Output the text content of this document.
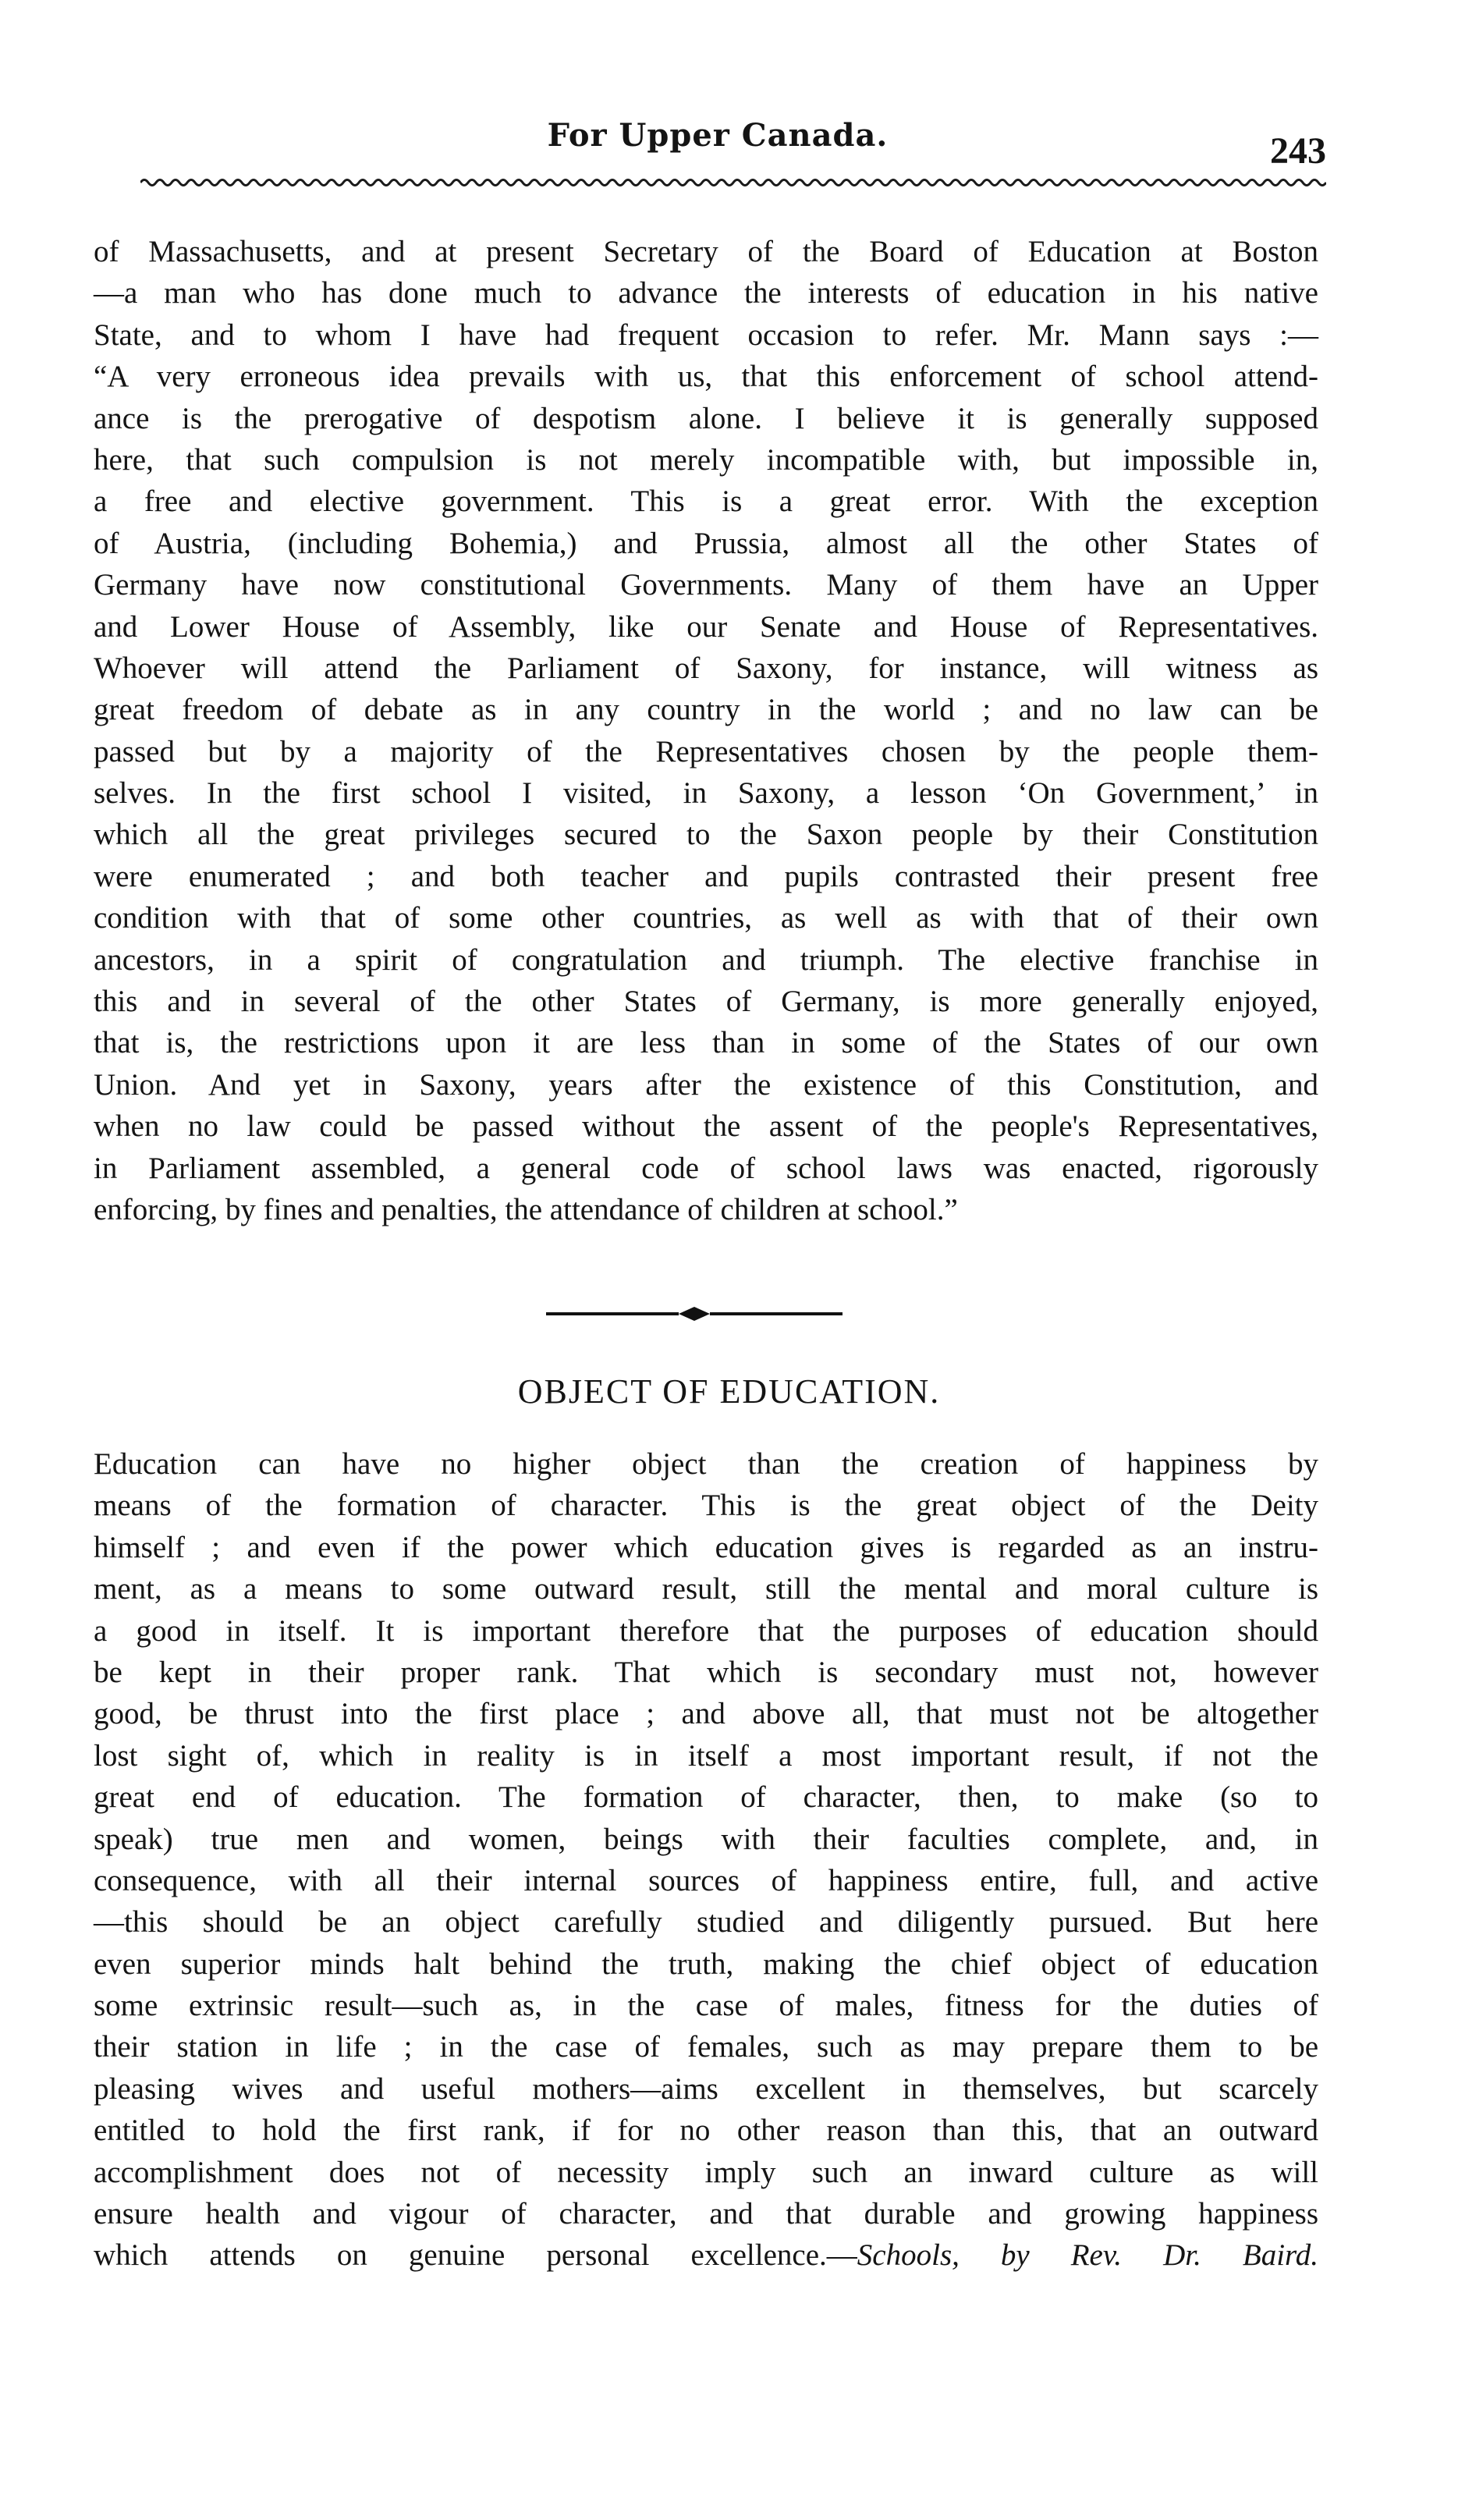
For Upper Canada.	243
of Massachusetts, and at present Secretary of the Board of Education at Boston
—a man who has done much to advance the interests of education in his native
State, and to whom I have had frequent occasion to refer. Mr. Mann says :—
“A very erroneous idea prevails with us, that this enforcement of school attend-
ance is the prerogative of despotism alone. I believe it is generally supposed
here, that such compulsion is not merely incompatible with, but impossible in,
a free and elective government. This is a great error. With the exception
of Austria, (including Bohemia,) and Prussia, almost all the other States of
Germany have now constitutional Governments. Many of them have an Upper
and Lower House of Assembly, like our Senate and House of Representatives.
Whoever will attend the Parliament of Saxony, for instance, will witness as
great freedom of debate as in any country in the world ; and no law can be
passed but by a majority of the Representatives chosen by the people them-
selves. In the first school I visited, in Saxony, a lesson ‘On Government,’ in
which all the great privileges secured to the Saxon people by their Constitution
were enumerated ; and both teacher and pupils contrasted their present free
condition with that of some other countries, as well as with that of their own
ancestors, in a spirit of congratulation and triumph. The elective franchise in
this and in several of the other States of Germany, is more generally enjoyed,
that is, the restrictions upon it are less than in some of the States of our own
Union. And yet in Saxony, years after the existence of this Constitution, and
when no law could be passed without the assent of the people's Representatives,
in Parliament assembled, a general code of school laws was enacted, rigorously
enforcing, by fines and penalties, the attendance of children at school.”
OBJECT OF EDUCATION.
Education can have no higher object than the creation of happiness by
means of the formation of character. This is the great object of the Deity
himself ; and even if the power which education gives is regarded as an instru-
ment, as a means to some outward result, still the mental and moral culture is
a good in itself. It is important therefore that the purposes of education should
be kept in their proper rank. That which is secondary must not, however
good, be thrust into the first place ; and above all, that must not be altogether
lost sight of, which in reality is in itself a most important result, if not the
great end of education. The formation of character, then, to make (so to
speak) true men and women, beings with their faculties complete, and, in
consequence, with all their internal sources of happiness entire, full, and active
—this should be an object carefully studied and diligently pursued. But here
even superior minds halt behind the truth, making the chief object of education
some extrinsic result—such as, in the case of males, fitness for the duties of
their station in life ; in the case of females, such as may prepare them to be
pleasing wives and useful mothers—aims excellent in themselves, but scarcely
entitled to hold the first rank, if for no other reason than this, that an outward
accomplishment does not of necessity imply such an inward culture as will
ensure health and vigour of character, and that durable and growing happiness
which attends on genuine personal excellence.—Schools, by Rev. Dr. Baird.
